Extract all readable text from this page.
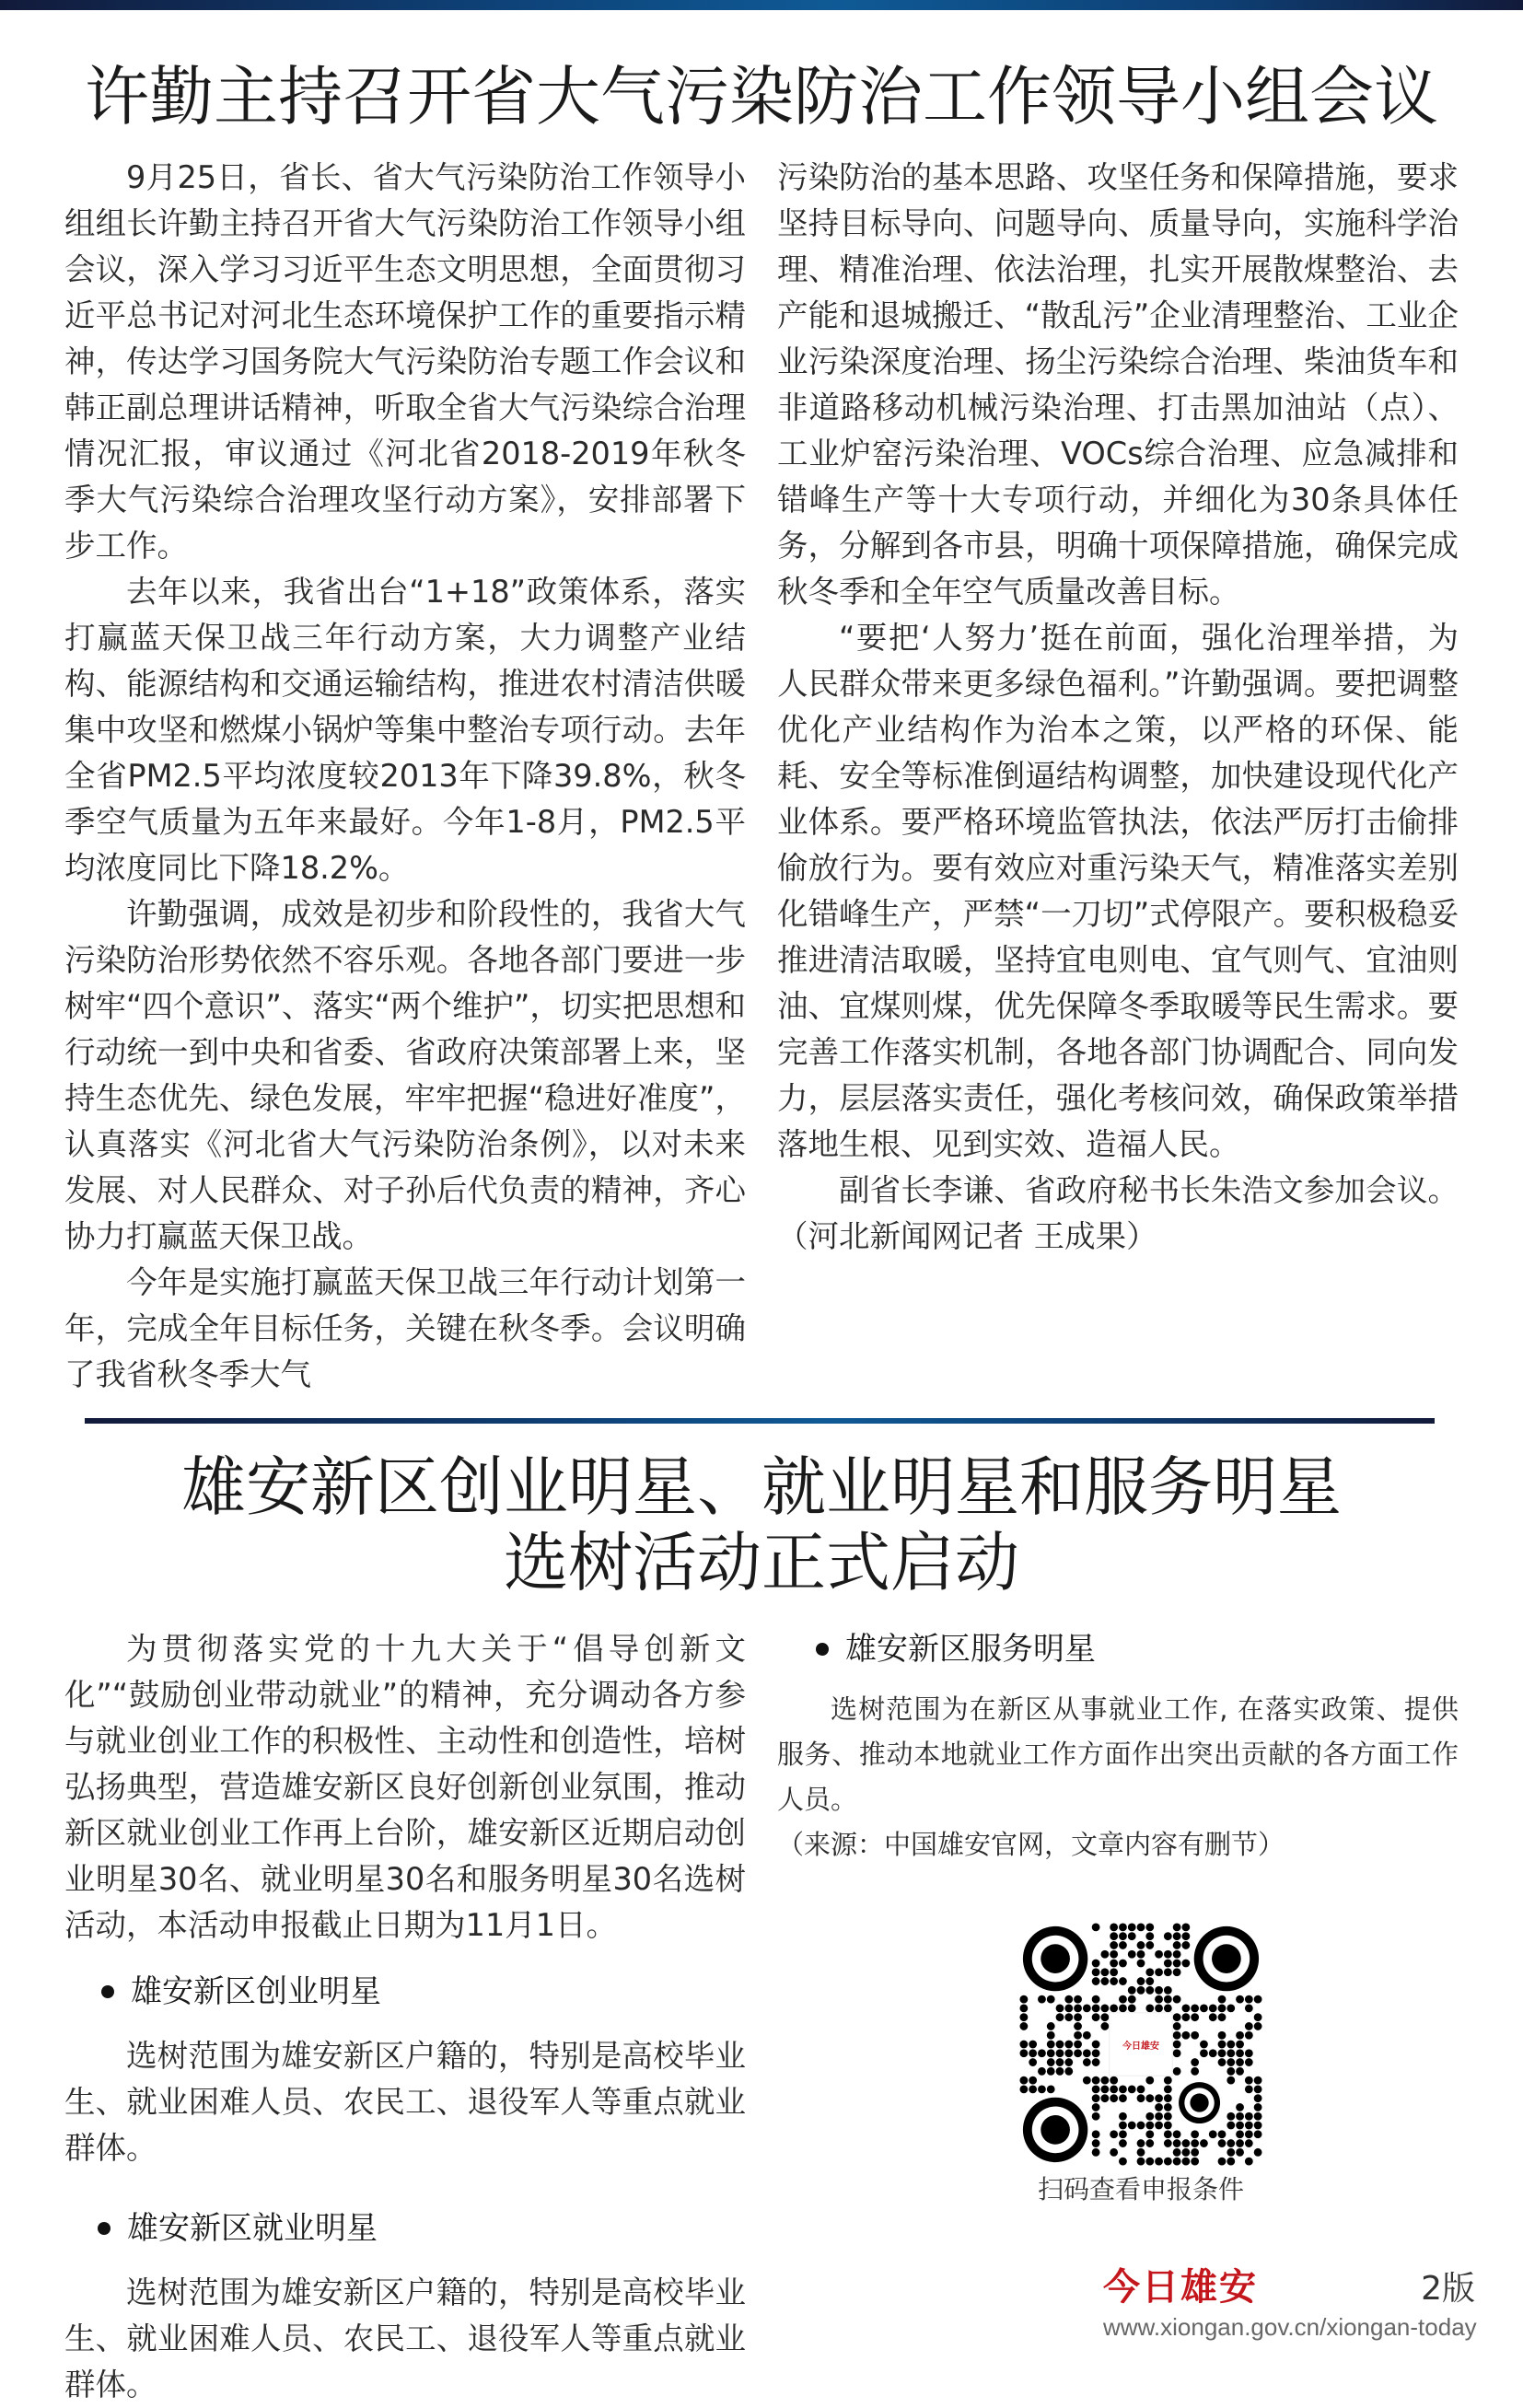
许勤主持召开省大气污染防治工作领导小组会议

9月25日，省长、省大气污染防治工作领导小组组长许勤主持召开省大气污染防治工作领导小组会议，深入学习习近平生态文明思想，全面贯彻习近平总书记对河北生态环境保护工作的重要指示精神，传达学习国务院大气污染防治专题工作会议和韩正副总理讲话精神，听取全省大气污染综合治理情况汇报，审议通过《河北省2018-2019年秋冬季大气污染综合治理攻坚行动方案》，安排部署下步工作。

去年以来，我省出台“1+18”政策体系，落实打赢蓝天保卫战三年行动方案，大力调整产业结构、能源结构和交通运输结构，推进农村清洁供暖集中攻坚和燃煤小锅炉等集中整治专项行动。去年全省PM2.5平均浓度较2013年下降39.8%，秋冬季空气质量为五年来最好。今年1-8月，PM2.5平均浓度同比下降18.2%。

许勤强调，成效是初步和阶段性的，我省大气污染防治形势依然不容乐观。各地各部门要进一步树牢“四个意识”、落实“两个维护”，切实把思想和行动统一到中央和省委、省政府决策部署上来，坚持生态优先、绿色发展，牢牢把握“稳进好准度”，认真落实《河北省大气污染防治条例》，以对未来发展、对人民群众、对子孙后代负责的精神，齐心协力打赢蓝天保卫战。

今年是实施打赢蓝天保卫战三年行动计划第一年，完成全年目标任务，关键在秋冬季。会议明确了我省秋冬季大气

污染防治的基本思路、攻坚任务和保障措施，要求坚持目标导向、问题导向、质量导向，实施科学治理、精准治理、依法治理，扎实开展散煤整治、去产能和退城搬迁、“散乱污”企业清理整治、工业企业污染深度治理、扬尘污染综合治理、柴油货车和非道路移动机械污染治理、打击黑加油站（点）、工业炉窑污染治理、VOCs综合治理、应急减排和错峰生产等十大专项行动，并细化为30条具体任务，分解到各市县，明确十项保障措施，确保完成秋冬季和全年空气质量改善目标。

“要把‘人努力’挺在前面，强化治理举措，为人民群众带来更多绿色福利。”许勤强调。要把调整优化产业结构作为治本之策，以严格的环保、能耗、安全等标准倒逼结构调整，加快建设现代化产业体系。要严格环境监管执法，依法严厉打击偷排偷放行为。要有效应对重污染天气，精准落实差别化错峰生产，严禁“一刀切”式停限产。要积极稳妥推进清洁取暖，坚持宜电则电、宜气则气、宜油则油、宜煤则煤，优先保障冬季取暖等民生需求。要完善工作落实机制，各地各部门协调配合、同向发力，层层落实责任，强化考核问效，确保政策举措落地生根、见到实效、造福人民。

副省长李谦、省政府秘书长朱浩文参加会议。（河北新闻网记者 王成果）

雄安新区创业明星、就业明星和服务明星
选树活动正式启动

为贯彻落实党的十九大关于“倡导创新文化”“鼓励创业带动就业”的精神，充分调动各方参与就业创业工作的积极性、主动性和创造性，培树弘扬典型，营造雄安新区良好创新创业氛围，推动新区就业创业工作再上台阶，雄安新区近期启动创业明星30名、就业明星30名和服务明星30名选树活动，本活动申报截止日期为11月1日。

雄安新区创业明星

选树范围为雄安新区户籍的，特别是高校毕业生、就业困难人员、农民工、退役军人等重点就业群体。

雄安新区就业明星

选树范围为雄安新区户籍的，特别是高校毕业生、就业困难人员、农民工、退役军人等重点就业群体。

雄安新区服务明星

选树范围为在新区从事就业工作, 在落实政策、提供服务、推动本地就业工作方面作出突出贡献的各方面工作人员。

（来源：中国雄安官网，文章内容有删节）

今日雄安
扫码查看申报条件
今日雄安	2版
www.xiongan.gov.cn/xiongan-today
